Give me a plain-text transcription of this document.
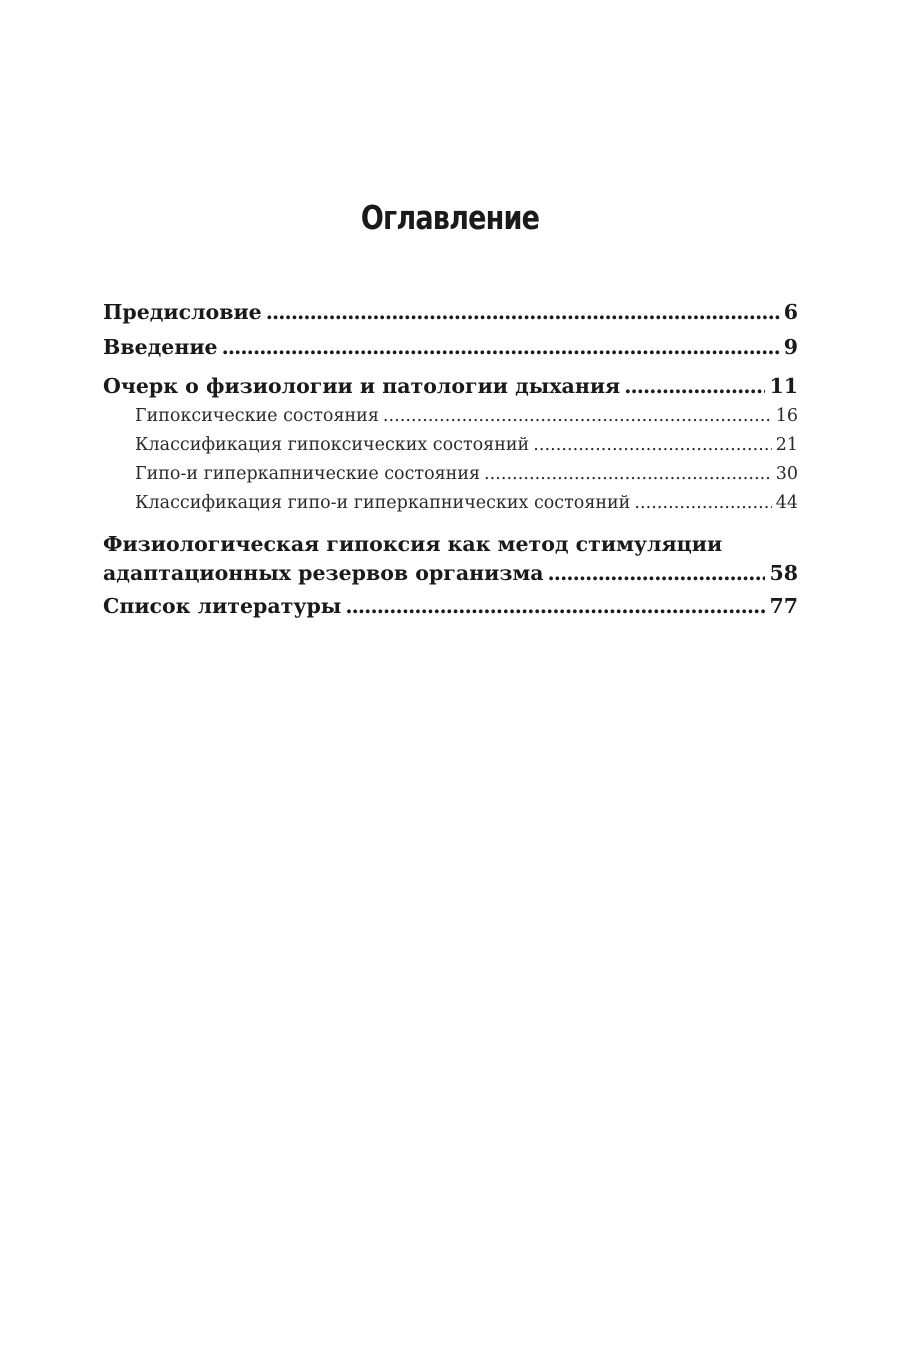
Оглавление
Предисловие . . .	6
Введение . . .	9
Очерк о физиологии и патологии дыхания . . .	11
Гипоксические состояния . . .	16
Классификация гипоксических состояний . . .	21
Гипо-и гиперкапнические состояния . . .	30
Классификация гипо-и гиперкапнических состояний . . .	44
Физиологическая гипоксия как метод стимуляции
адаптационных резервов организма . . .	58
Список литературы . . .	77
